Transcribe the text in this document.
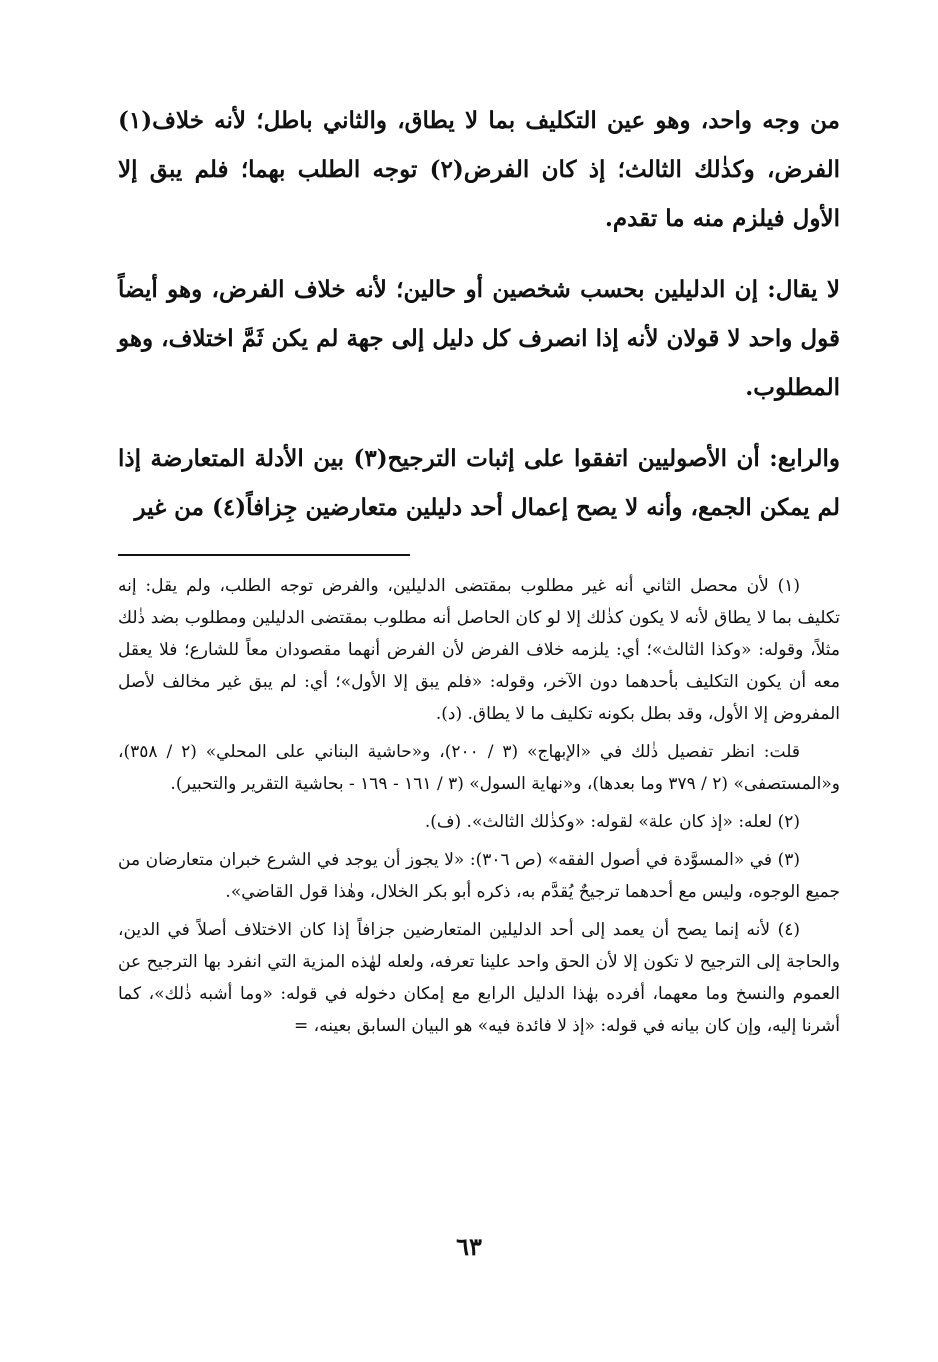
من وجه واحد، وهو عين التكليف بما لا يطاق، والثاني باطل؛ لأنه خلاف(١) الفرض، وكذٰلك الثالث؛ إذ كان الفرض(٢) توجه الطلب بهما؛ فلم يبق إلا الأول فيلزم منه ما تقدم.

لا يقال: إن الدليلين بحسب شخصين أو حالين؛ لأنه خلاف الفرض، وهو أيضاً قول واحد لا قولان لأنه إذا انصرف كل دليل إلى جهة لم يكن ثَمَّ اختلاف، وهو المطلوب.

والرابع: أن الأصوليين اتفقوا على إثبات الترجيح(٣) بين الأدلة المتعارضة إذا لم يمكن الجمع، وأنه لا يصح إعمال أحد دليلين متعارضين جِزافاً(٤) من غير

(١) لأن محصل الثاني أنه غير مطلوب بمقتضى الدليلين، والفرض توجه الطلب، ولم يقل: إنه تكليف بما لا يطاق لأنه لا يكون كذٰلك إلا لو كان الحاصل أنه مطلوب بمقتضى الدليلين ومطلوب بضد ذٰلك مثلاً، وقوله: «وكذا الثالث»؛ أي: يلزمه خلاف الفرض لأن الفرض أنهما مقصودان معاً للشارع؛ فلا يعقل معه أن يكون التكليف بأحدهما دون الآخر، وقوله: «فلم يبق إلا الأول»؛ أي: لم يبق غير مخالف لأصل المفروض إلا الأول، وقد بطل بكونه تكليف ما لا يطاق. (د).

قلت: انظر تفصيل ذٰلك في «الإبهاج» (٣ / ٢٠٠)، و«حاشية البناني على المحلي» (٢ / ٣٥٨)، و«المستصفى» (٢ / ٣٧٩ وما بعدها)، و«نهاية السول» (٣ / ١٦١ - ١٦٩ - بحاشية التقرير والتحبير).

(٢) لعله: «إذ كان علة» لقوله: «وكذٰلك الثالث». (ف).

(٣) في «المسوَّدة في أصول الفقه» (ص ٣٠٦): «لا يجوز أن يوجد في الشرع خبران متعارضان من جميع الوجوه، وليس مع أحدهما ترجيحٌ يُقدَّم به، ذكره أبو بكر الخلال، وهٰذا قول القاضي».

(٤) لأنه إنما يصح أن يعمد إلى أحد الدليلين المتعارضين جزافاً إذا كان الاختلاف أصلاً في الدين، والحاجة إلى الترجيح لا تكون إلا لأن الحق واحد علينا تعرفه، ولعله لهٰذه المزية التي انفرد بها الترجيح عن العموم والنسخ وما معهما، أفرده بهٰذا الدليل الرابع مع إمكان دخوله في قوله: «وما أشبه ذٰلك»، كما أشرنا إليه، وإن كان بيانه في قوله: «إذ لا فائدة فيه» هو البيان السابق بعينه، =

٦٣
